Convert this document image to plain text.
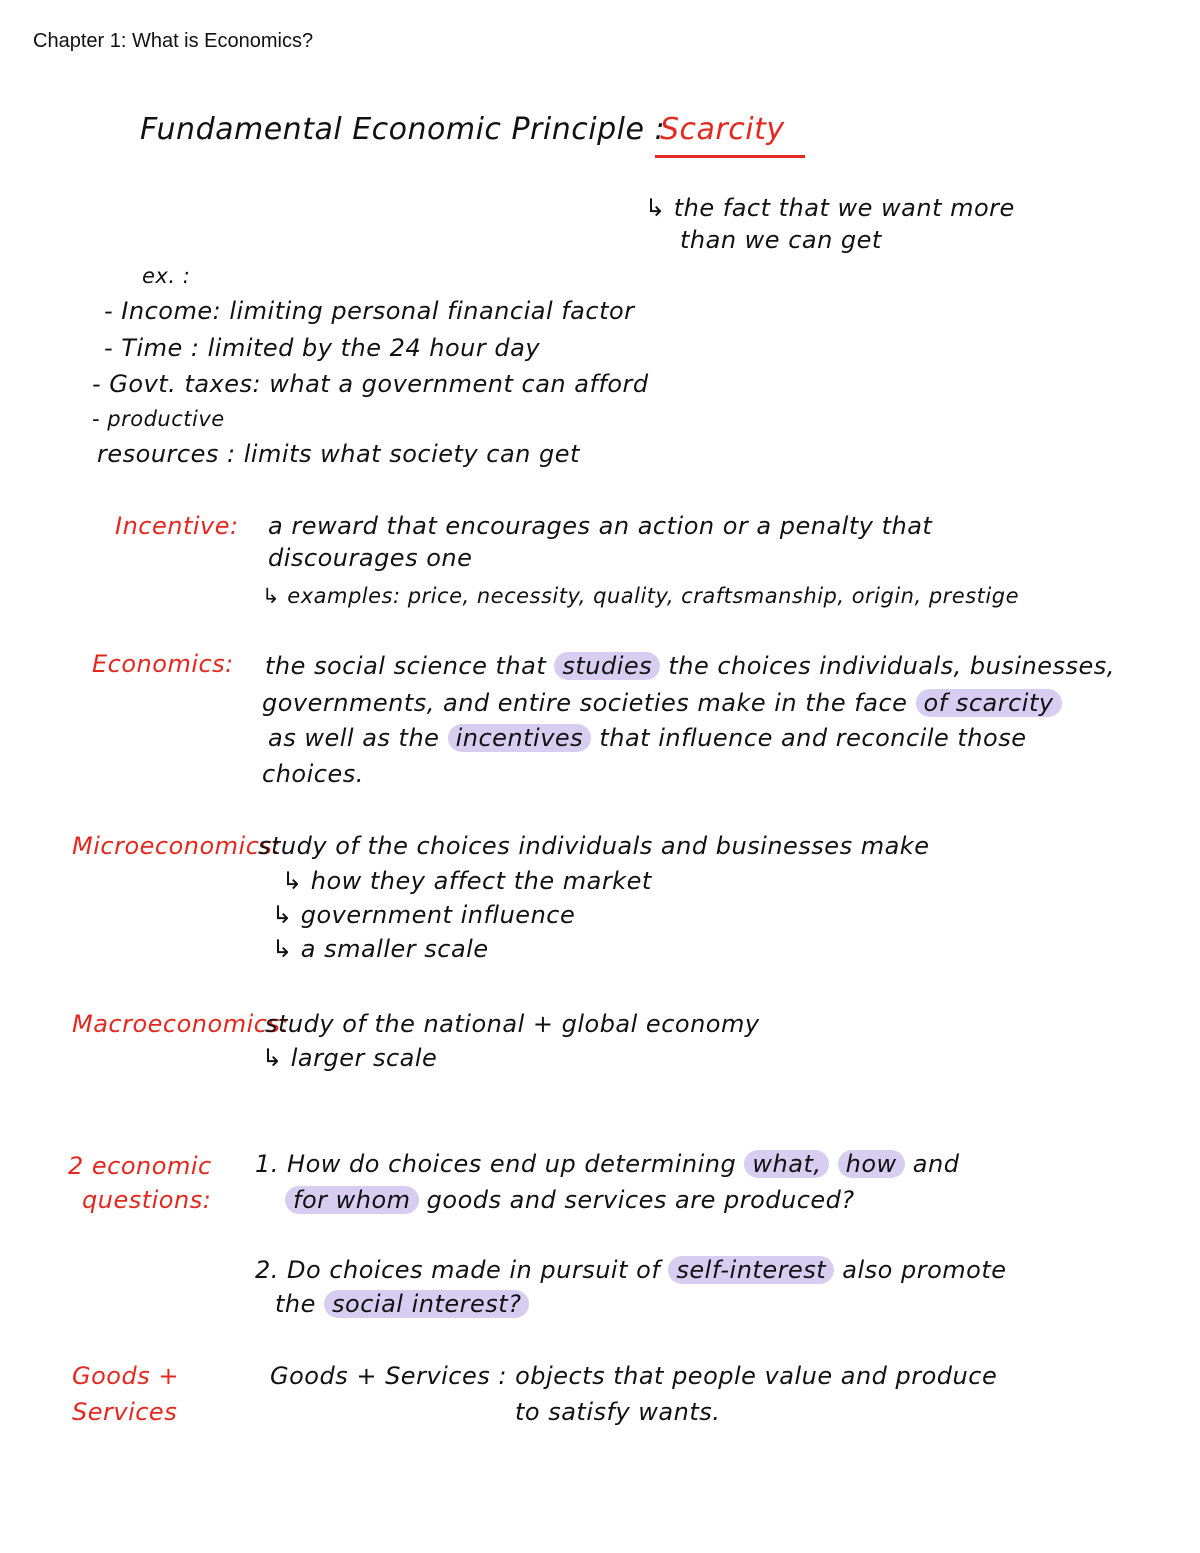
Chapter 1: What is Economics?
Fundamental Economic Principle :
Scarcity
↳ the fact that we want more
than we can get
ex. :
- Income: limiting personal financial factor
- Time : limited by the 24 hour day
- Govt. taxes: what a government can afford
- productive
resources : limits what society can get
Incentive: a reward that encourages an action or a penalty that
discourages one
↳ examples: price, necessity, quality, craftsmanship, origin, prestige
Economics: the social science that studies the choices individuals, businesses,
governments, and entire societies make in the face of scarcity
as well as the incentives that influence and reconcile those
choices.
Microeconomics:
study of the choices individuals and businesses make
↳ how they affect the market
↳ government influence
↳ a smaller scale
Macroeconomics:
study of the national + global economy
↳ larger scale
2 economic
questions:
1. How do choices end up determining what, how and
for whom goods and services are produced?
2. Do choices made in pursuit of self-interest also promote
the social interest?
Goods +
Services
Goods + Services : objects that people value and produce
to satisfy wants.
